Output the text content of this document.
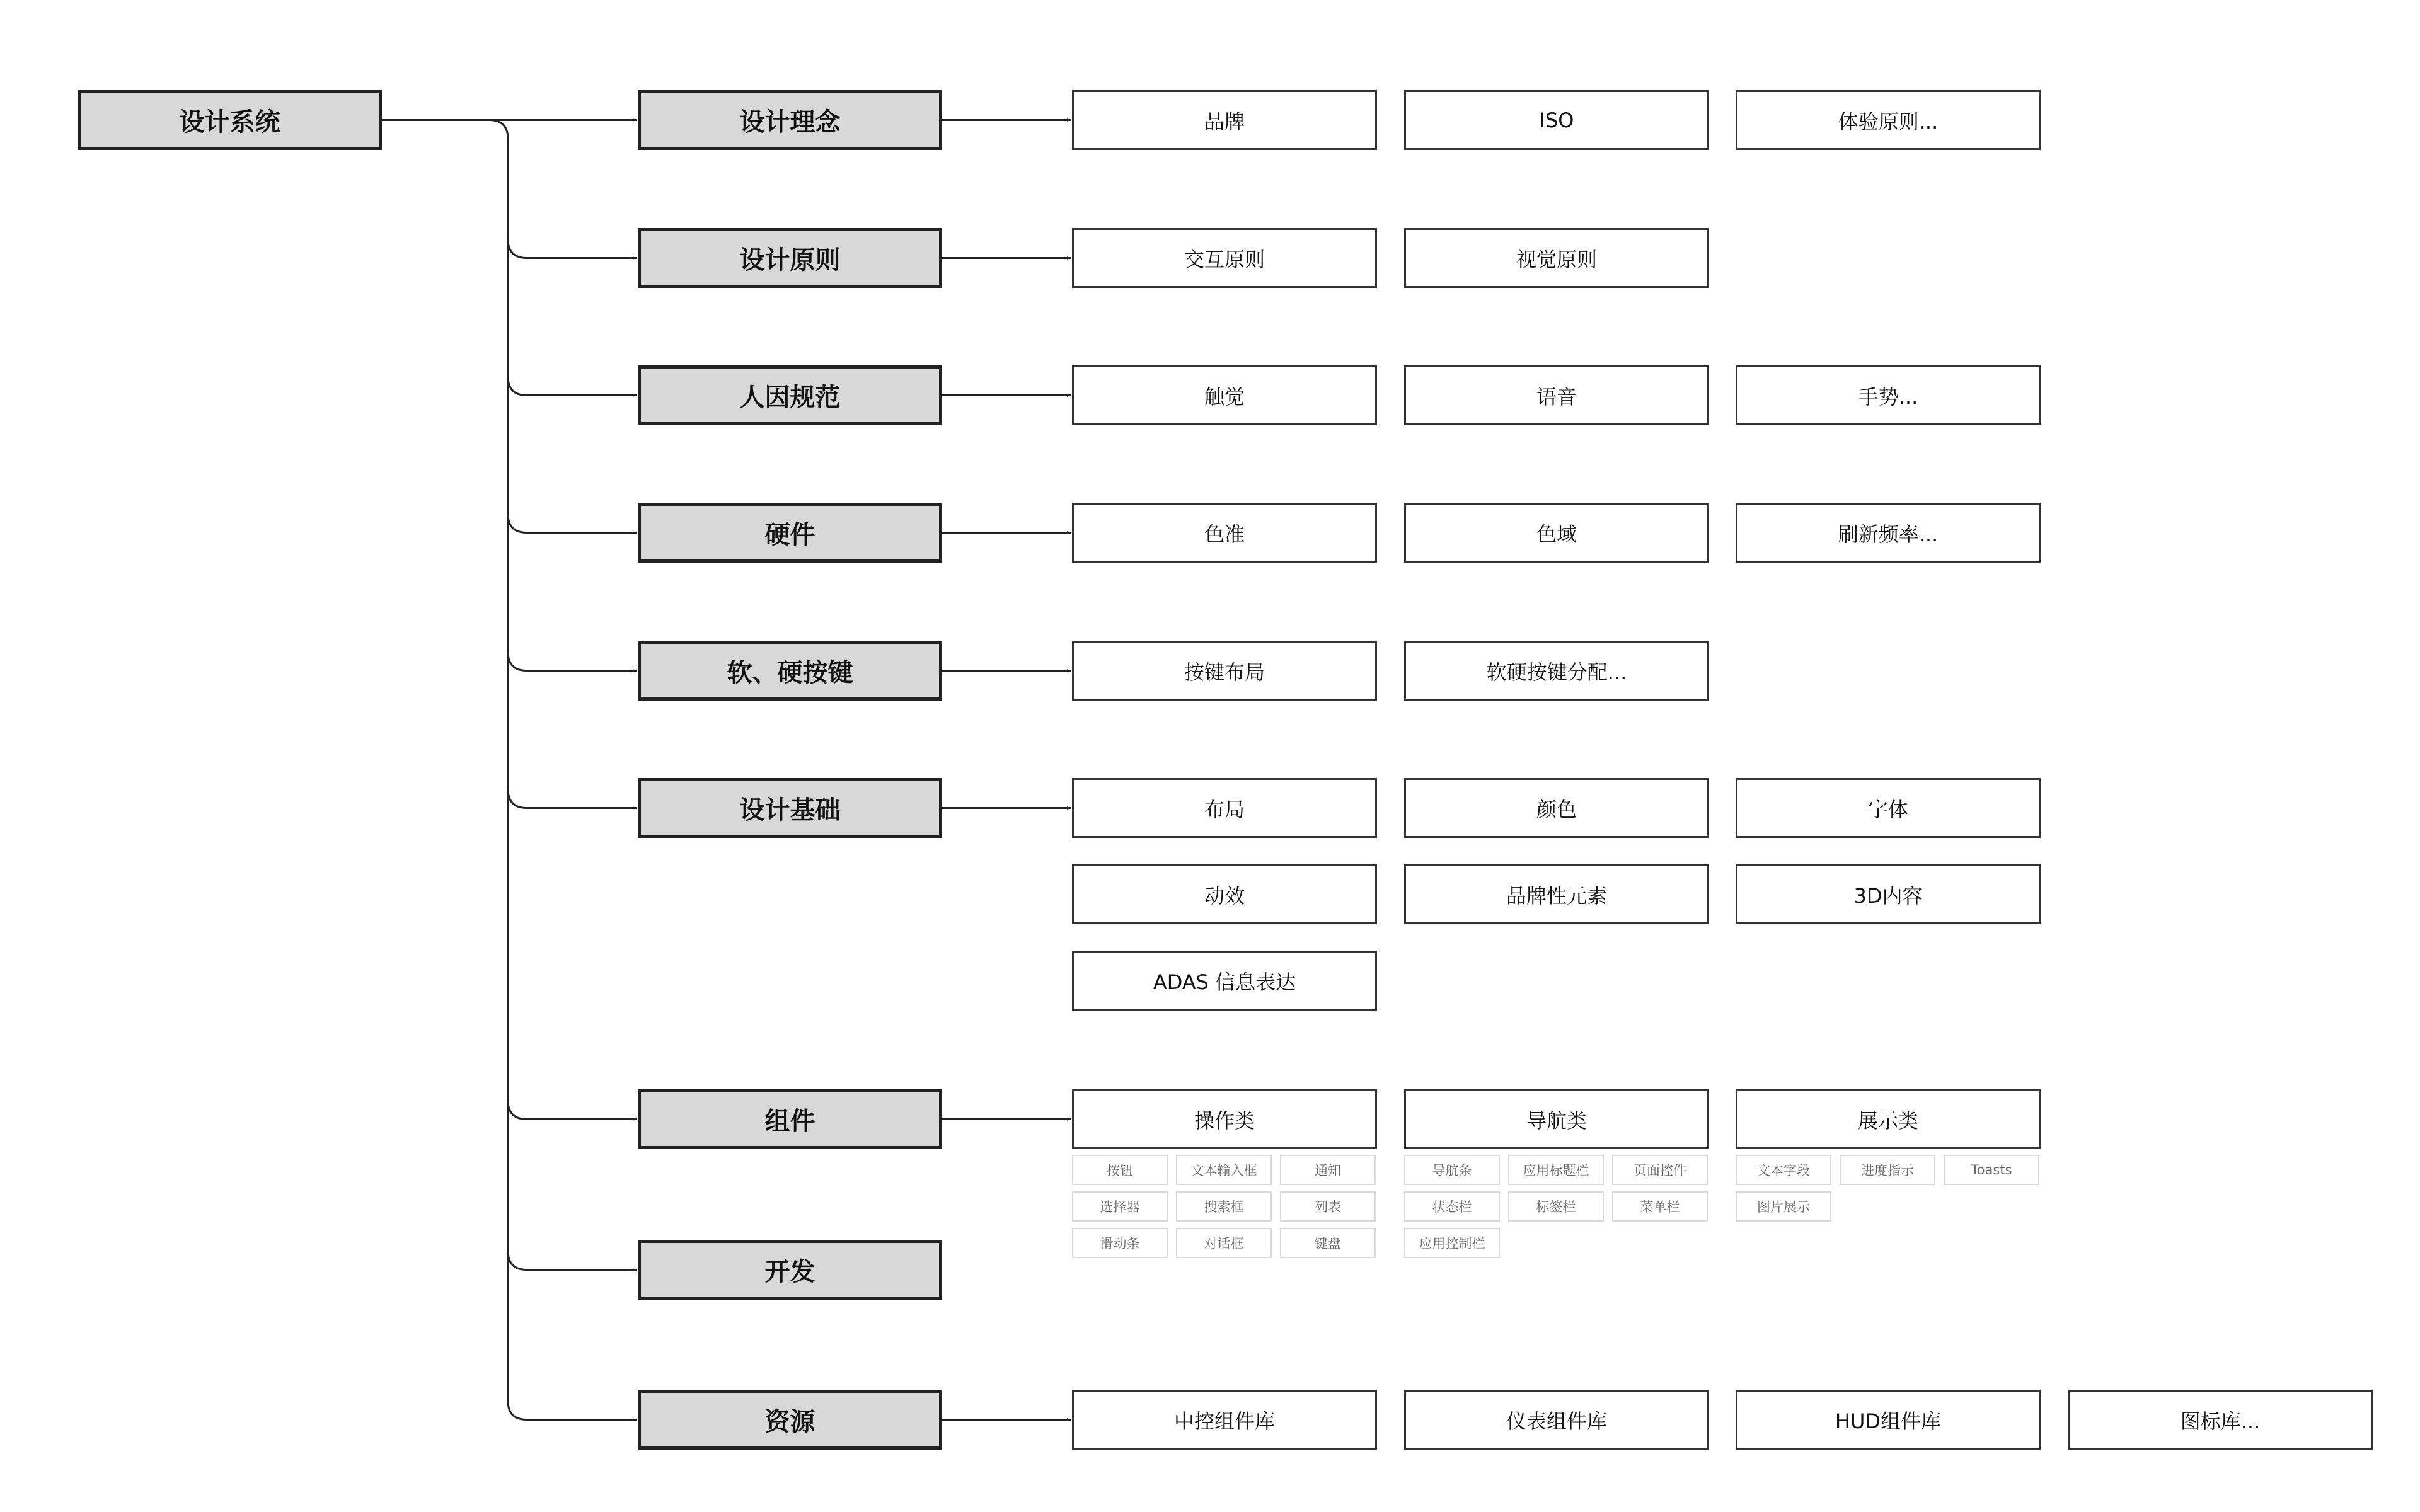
设计系统	设计理念	品牌	ISO	体验原则...
设计原则	交互原则	视觉原则
人因规范	触觉	语音	手势...
硬件	色准	色域	刷新频率...
软、硬按键	按键布局	软硬按键分配...
设计基础	布局	颜色	字体
动效	品牌性元素	3D内容
ADAS 信息表达
组件	操作类	导航类	展示类
开发
资源	中控组件库	仪表组件库	HUD组件库	图标库...
按钮	文本输入框	通知
选择器	搜索框	列表
滑动条	对话框	键盘
导航条	应用标题栏	页面控件
状态栏	标签栏	菜单栏
应用控制栏
文本字段	进度指示	Toasts
图片展示
